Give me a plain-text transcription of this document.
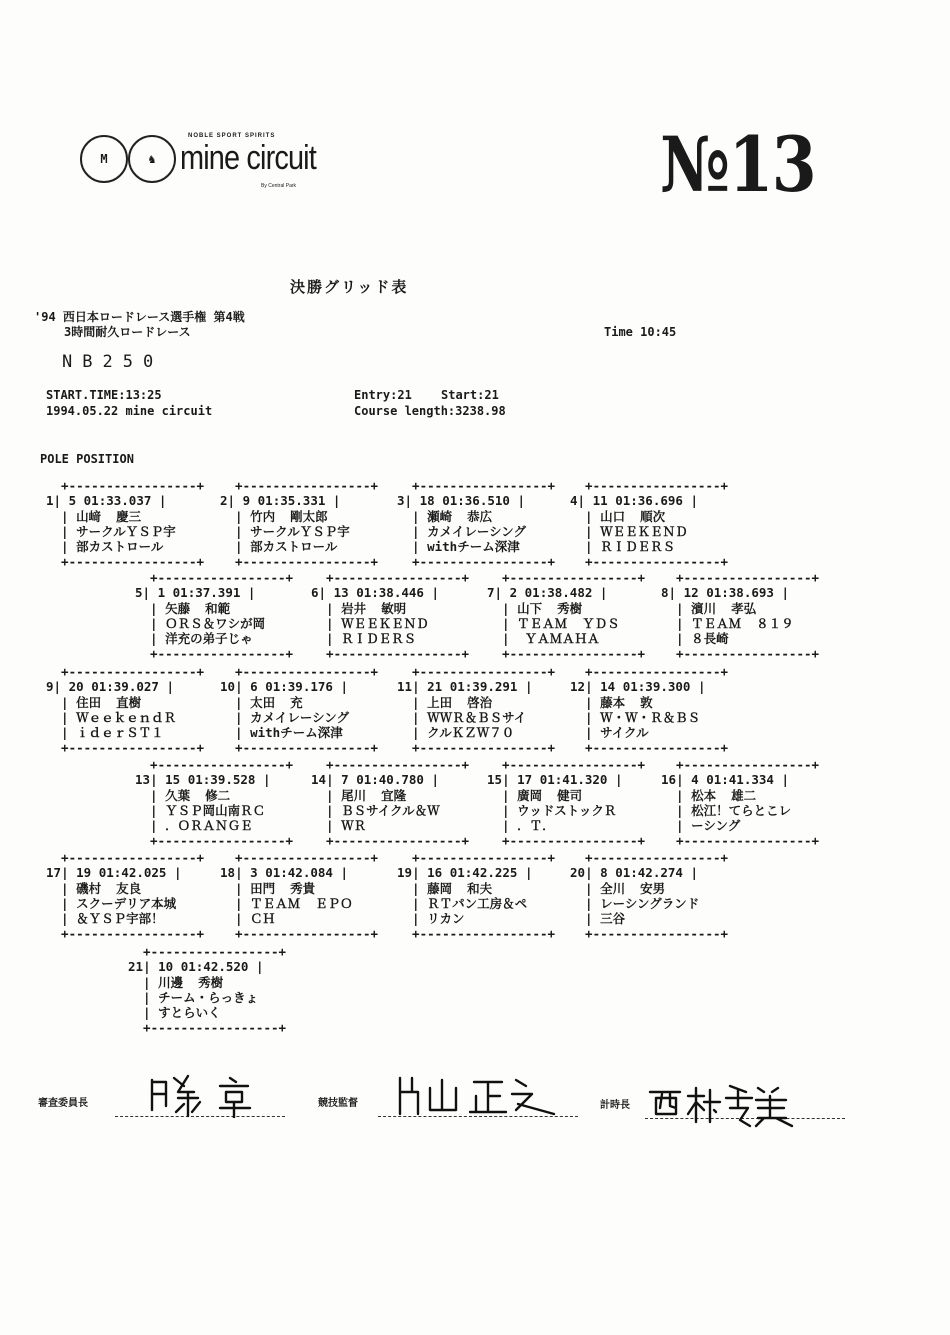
M	♞
NOBLE SPORT SPIRITS
mine circuit
By Central Park	№13
決勝グリッド表
'94 西日本ロードレース選手権 第4戦
3時間耐久ロードレース	Time 10:45
NB250
START.TIME:13:25
1994.05.22 mine circuit
Entry:21 Start:21
Course length:3238.98
POLE POSITION
+-----------------+
1| 5 01:33.037 |
| 山﨑  慶三
| サークルＹＳＰ宇
| 部カストロール
+-----------------+
+-----------------+
2| 9 01:35.331 |
| 竹内  剛太郎
| サークルＹＳＰ宇
| 部カストロール
+-----------------+
+-----------------+
3| 18 01:36.510 |
| 瀬崎  恭広
| カメイレーシング
| withチーム深津
+-----------------+
+-----------------+
4| 11 01:36.696 |
| 山口  順次
| ＷＥＥＫＥＮＤ
| ＲＩＤＥＲＳ
+-----------------+
+-----------------+
5| 1 01:37.391 |
| 矢藤  和範
| ＯＲＳ＆ワシが岡
| 洋充の弟子じゃ
+-----------------+
+-----------------+
6| 13 01:38.446 |
| 岩井  敏明
| ＷＥＥＫＥＮＤ
| ＲＩＤＥＲＳ
+-----------------+
+-----------------+
7| 2 01:38.482 |
| 山下  秀樹
| ＴＥＡＭ  ＹＤＳ
|  ＹＡＭＡＨＡ
+-----------------+
+-----------------+
8| 12 01:38.693 |
| 濱川  孝弘
| ＴＥＡＭ  ８１９
| ８長崎
+-----------------+
+-----------------+
9| 20 01:39.027 |
| 住田  直樹
| ＷｅｅｋｅｎｄＲ
| ｉｄｅｒＳＴ１
+-----------------+
+-----------------+
10| 6 01:39.176 |
| 太田  充
| カメイレーシング
| withチーム深津
+-----------------+
+-----------------+
11| 21 01:39.291 |
| 上田  啓治
| ＷＷＲ＆ＢＳサイ
| クルＫＺＷ７０
+-----------------+
+-----------------+
12| 14 01:39.300 |
| 藤本  敦
| Ｗ・Ｗ・Ｒ＆ＢＳ
| サイクル
+-----------------+
+-----------------+
13| 15 01:39.528 |
| 久葉  修二
| ＹＳＰ岡山南ＲＣ
| ．ＯＲＡＮＧＥ
+-----------------+
+-----------------+
14| 7 01:40.780 |
| 尾川  宜隆
| ＢＳサイクル＆Ｗ
| ＷＲ
+-----------------+
+-----------------+
15| 17 01:41.320 |
| 廣岡  健司
| ウッドストックＲ
| ．Ｔ．
+-----------------+
+-----------------+
16| 4 01:41.334 |
| 松本  雄二
| 松江！てらとこレ
| ーシング
+-----------------+
+-----------------+
17| 19 01:42.025 |
| 磯村  友良
| スクーデリア本城
| ＆ＹＳＰ宇部！
+-----------------+
+-----------------+
18| 3 01:42.084 |
| 田門  秀貴
| ＴＥＡＭ  ＥＰＯ
| ＣＨ
+-----------------+
+-----------------+
19| 16 01:42.225 |
| 藤岡  和夫
| ＲＴパン工房＆ペ
| リカン
+-----------------+
+-----------------+
20| 8 01:42.274 |
| 全川  安男
| レーシングランド
| 三谷
+-----------------+
+-----------------+
21| 10 01:42.520 |
| 川邊  秀樹
| チーム・らっきょ
| すとらいく
+-----------------+
審査委員長	競技監督	計時長
